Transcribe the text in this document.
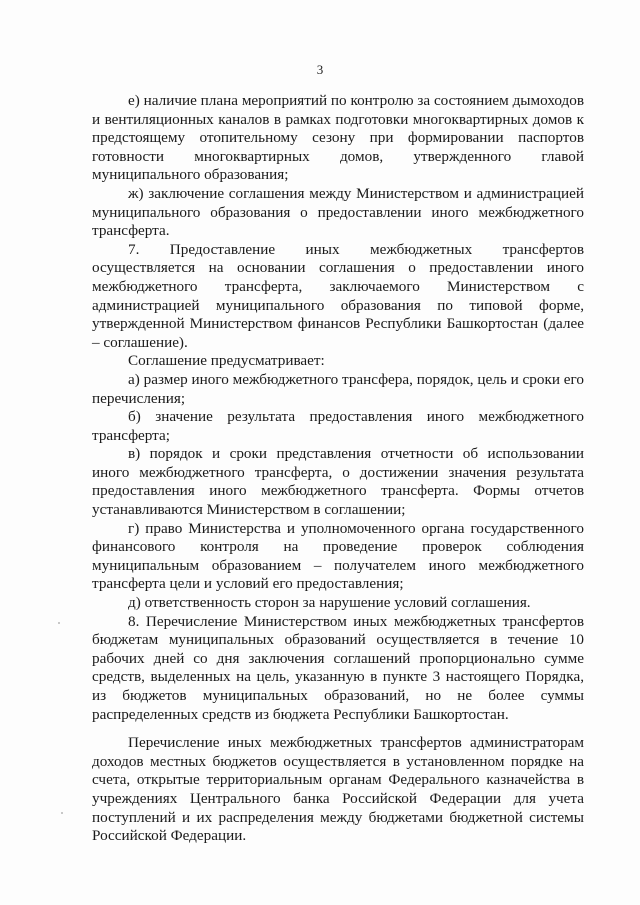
3

е) наличие плана мероприятий по контролю за состоянием дымоходов и вентиляционных каналов в рамках подготовки многоквартирных домов к предстоящему отопительному сезону при формировании паспортов готовности многоквартирных домов, утвержденного главой муниципального образования;

ж) заключение соглашения между Министерством и администрацией муниципального образования о предоставлении иного межбюджетного трансферта.

7. Предоставление иных межбюджетных трансфертов осуществляется на основании соглашения о предоставлении иного межбюджетного трансферта, заключаемого Министерством с администрацией муниципального образования по типовой форме, утвержденной Министерством финансов Республики Башкортостан (далее – соглашение).

Соглашение предусматривает:

а) размер иного межбюджетного трансфера, порядок, цель и сроки его перечисления;

б) значение результата предоставления иного межбюджетного трансферта;

в) порядок и сроки представления отчетности об использовании иного межбюджетного трансферта, о достижении значения результата предоставления иного межбюджетного трансферта. Формы отчетов устанавливаются Министерством в соглашении;

г) право Министерства и уполномоченного органа государственного финансового контроля на проведение проверок соблюдения муниципальным образованием – получателем иного межбюджетного трансферта цели и условий его предоставления;

д) ответственность сторон за нарушение условий соглашения.

8. Перечисление Министерством иных межбюджетных трансфертов бюджетам муниципальных образований осуществляется в течение 10 рабочих дней со дня заключения соглашений пропорционально сумме средств, выделенных на цель, указанную в пункте 3 настоящего Порядка, из бюджетов муниципальных образований, но не более суммы распределенных средств из бюджета Республики Башкортостан.

Перечисление иных межбюджетных трансфертов администраторам доходов местных бюджетов осуществляется в установленном порядке на счета, открытые территориальным органам Федерального казначейства в учреждениях Центрального банка Российской Федерации для учета поступлений и их распределения между бюджетами бюджетной системы Российской Федерации.
